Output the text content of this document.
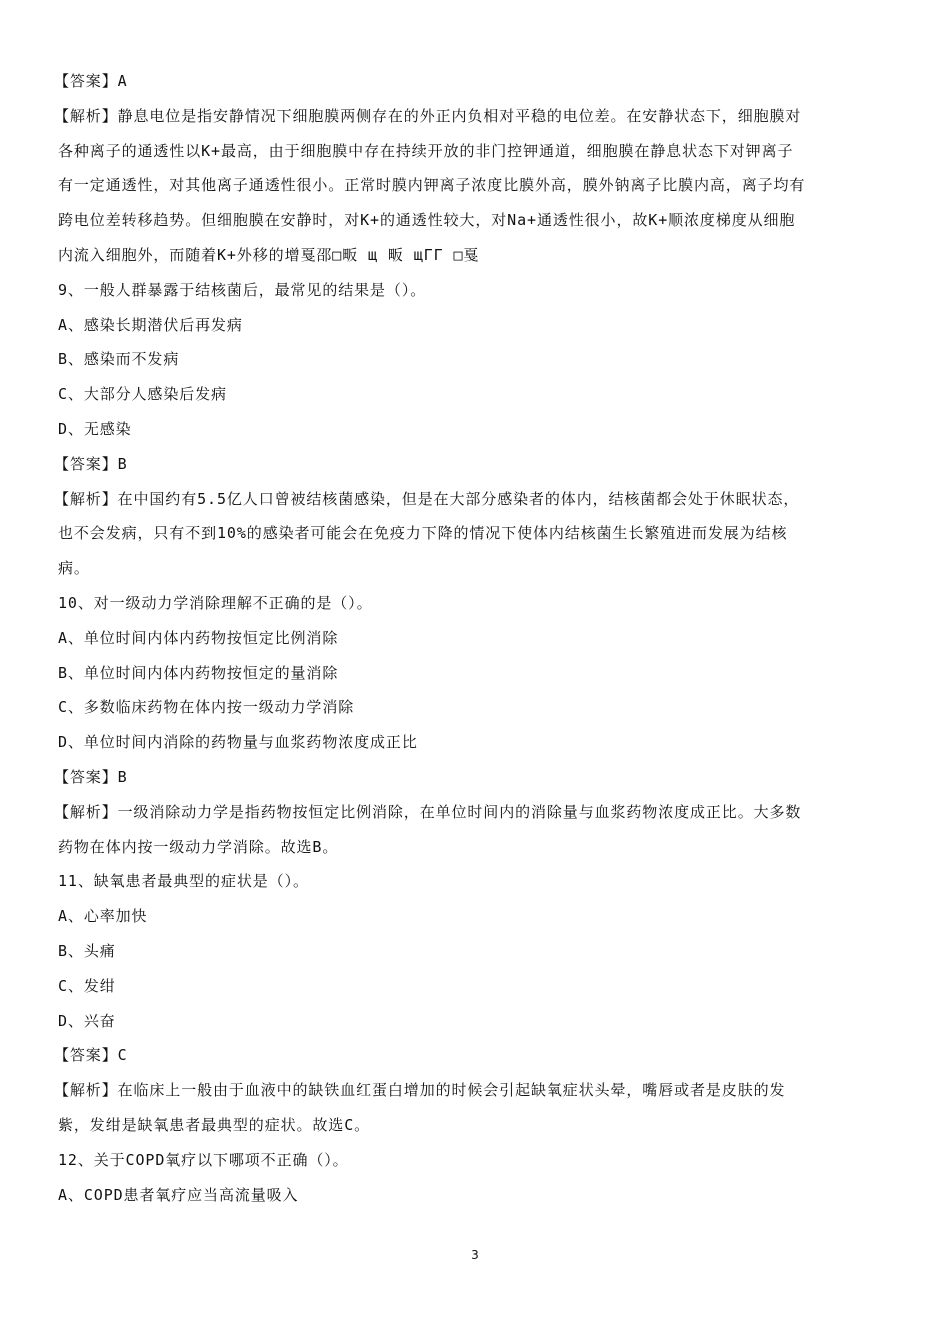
【答案】A
【解析】静息电位是指安静情况下细胞膜两侧存在的外正内负相对平稳的电位差。在安静状态下，细胞膜对
各种离子的通透性以K+最高，由于细胞膜中存在持续开放的非门控钾通道，细胞膜在静息状态下对钾离子
有一定通透性，对其他离子通透性很小。正常时膜内钾离子浓度比膜外高，膜外钠离子比膜内高，离子均有
跨电位差转移趋势。但细胞膜在安静时，对K+的通透性较大，对Na+通透性很小，故K+顺浓度梯度从细胞
内流入细胞外，而随着K+外移的增戛邵□畈 щ 畈 щГГ □戛
9、一般人群暴露于结核菌后，最常见的结果是（）。
A、感染长期潜伏后再发病
B、感染而不发病
C、大部分人感染后发病
D、无感染
【答案】B
【解析】在中国约有5.5亿人口曾被结核菌感染，但是在大部分感染者的体内，结核菌都会处于休眠状态，
也不会发病，只有不到10%的感染者可能会在免疫力下降的情况下使体内结核菌生长繁殖进而发展为结核
病。
10、对一级动力学消除理解不正确的是（）。
A、单位时间内体内药物按恒定比例消除
B、单位时间内体内药物按恒定的量消除
C、多数临床药物在体内按一级动力学消除
D、单位时间内消除的药物量与血浆药物浓度成正比
【答案】B
【解析】一级消除动力学是指药物按恒定比例消除，在单位时间内的消除量与血浆药物浓度成正比。大多数
药物在体内按一级动力学消除。故选B。
11、缺氧患者最典型的症状是（）。
A、心率加快
B、头痛
C、发绀
D、兴奋
【答案】C
【解析】在临床上一般由于血液中的缺铁血红蛋白增加的时候会引起缺氧症状头晕，嘴唇或者是皮肤的发
紫，发绀是缺氧患者最典型的症状。故选C。
12、关于COPD氧疗以下哪项不正确（）。
A、COPD患者氧疗应当高流量吸入
3
